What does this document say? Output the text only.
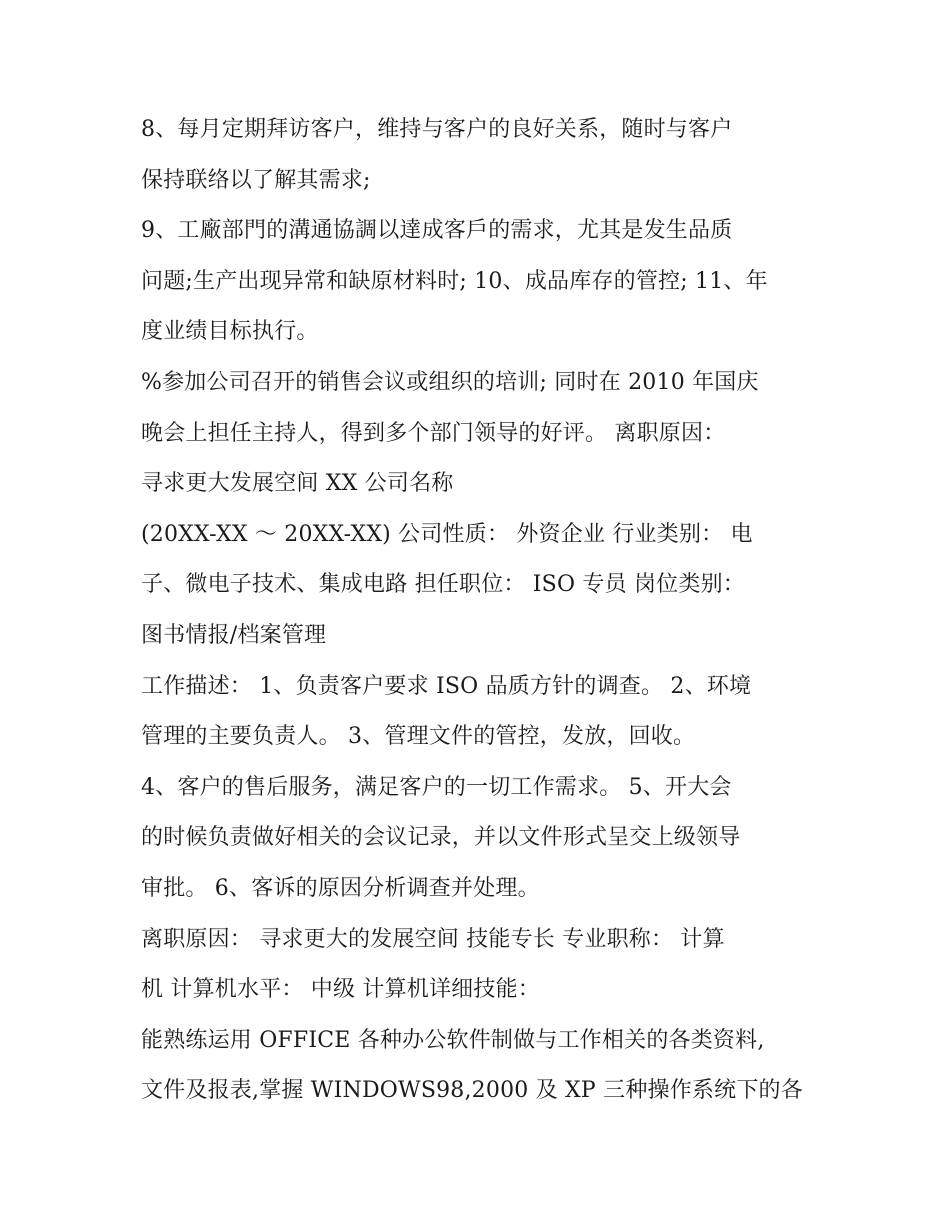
8、每月定期拜访客户，维持与客户的良好关系，随时与客户
保持联络以了解其需求;
9、工廠部門的溝通協調以達成客戶的需求，尤其是发生品质
问题;生产出现异常和缺原材料时; 10、成品库存的管控; 11、年
度业绩目标执行。
%参加公司召开的销售会议或组织的培训; 同时在 2010 年国庆
晚会上担任主持人，得到多个部门领导的好评。 离职原因：
寻求更大发展空间 XX 公司名称
(20XX-XX ～ 20XX-XX) 公司性质： 外资企业 行业类别： 电
子、微电子技术、集成电路 担任职位： ISO 专员 岗位类别：
图书情报/档案管理
工作描述： 1、负责客户要求 ISO 品质方针的调查。 2、环境
管理的主要负责人。 3、管理文件的管控，发放，回收。
4、客户的售后服务，满足客户的一切工作需求。 5、开大会
的时候负责做好相关的会议记录，并以文件形式呈交上级领导
审批。 6、客诉的原因分析调查并处理。
离职原因： 寻求更大的发展空间 技能专长 专业职称： 计算
机 计算机水平： 中级 计算机详细技能：
能熟练运用 OFFICE 各种办公软件制做与工作相关的各类资料,
文件及报表,掌握 WINDOWS98,2000 及 XP 三种操作系统下的各
